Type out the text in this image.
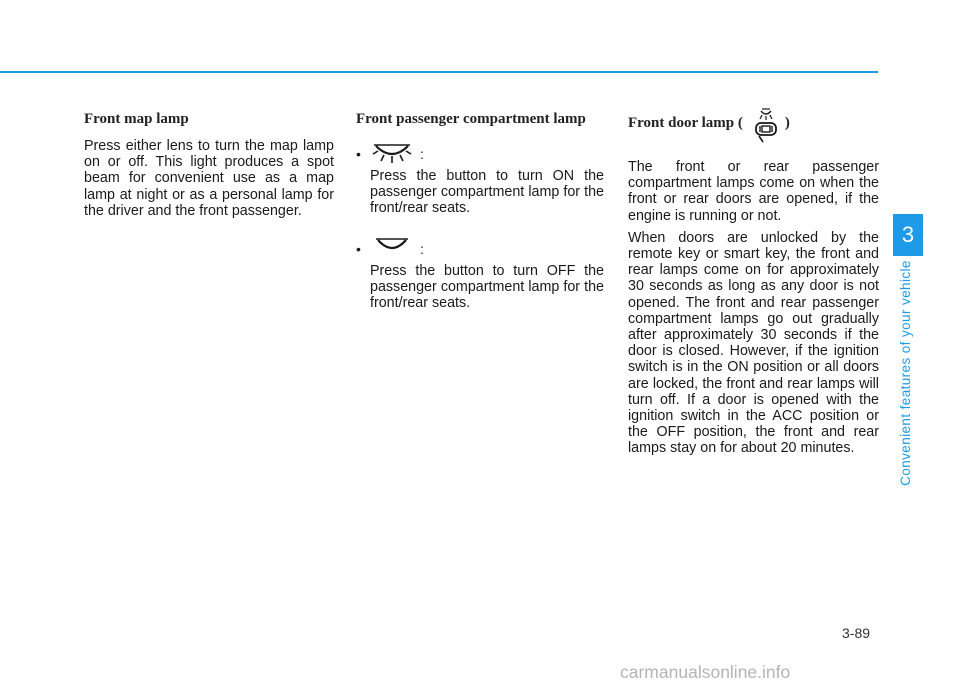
Front map lamp

Press either lens to turn the map lamp on or off. This light produces a spot beam for convenient use as a map lamp at night or as a personal lamp for the driver and the front passenger.

Front passenger compartment lamp
•	:

Press the button to turn ON the passenger compartment lamp for the front/rear seats.

•	:

Press the button to turn OFF the passenger compartment lamp for the front/rear seats.

Front door lamp (	)

The front or rear passenger compartment lamps come on when the front or rear doors are opened, if the engine is running or not.

When doors are unlocked by the remote key or smart key, the front and rear lamps come on for approximately 30 seconds as long as any door is not opened. The front and rear passenger compartment lamps go out gradually after approximately 30 seconds if the door is closed. However, if the ignition switch is in the ON position or all doors are locked, the front and rear lamps will turn off. If a door is opened with the ignition switch in the ACC position or the OFF position, the front and rear lamps stay on for about 20 minutes.

3
Convenient features of your vehicle
3-89
carmanualsonline.info
